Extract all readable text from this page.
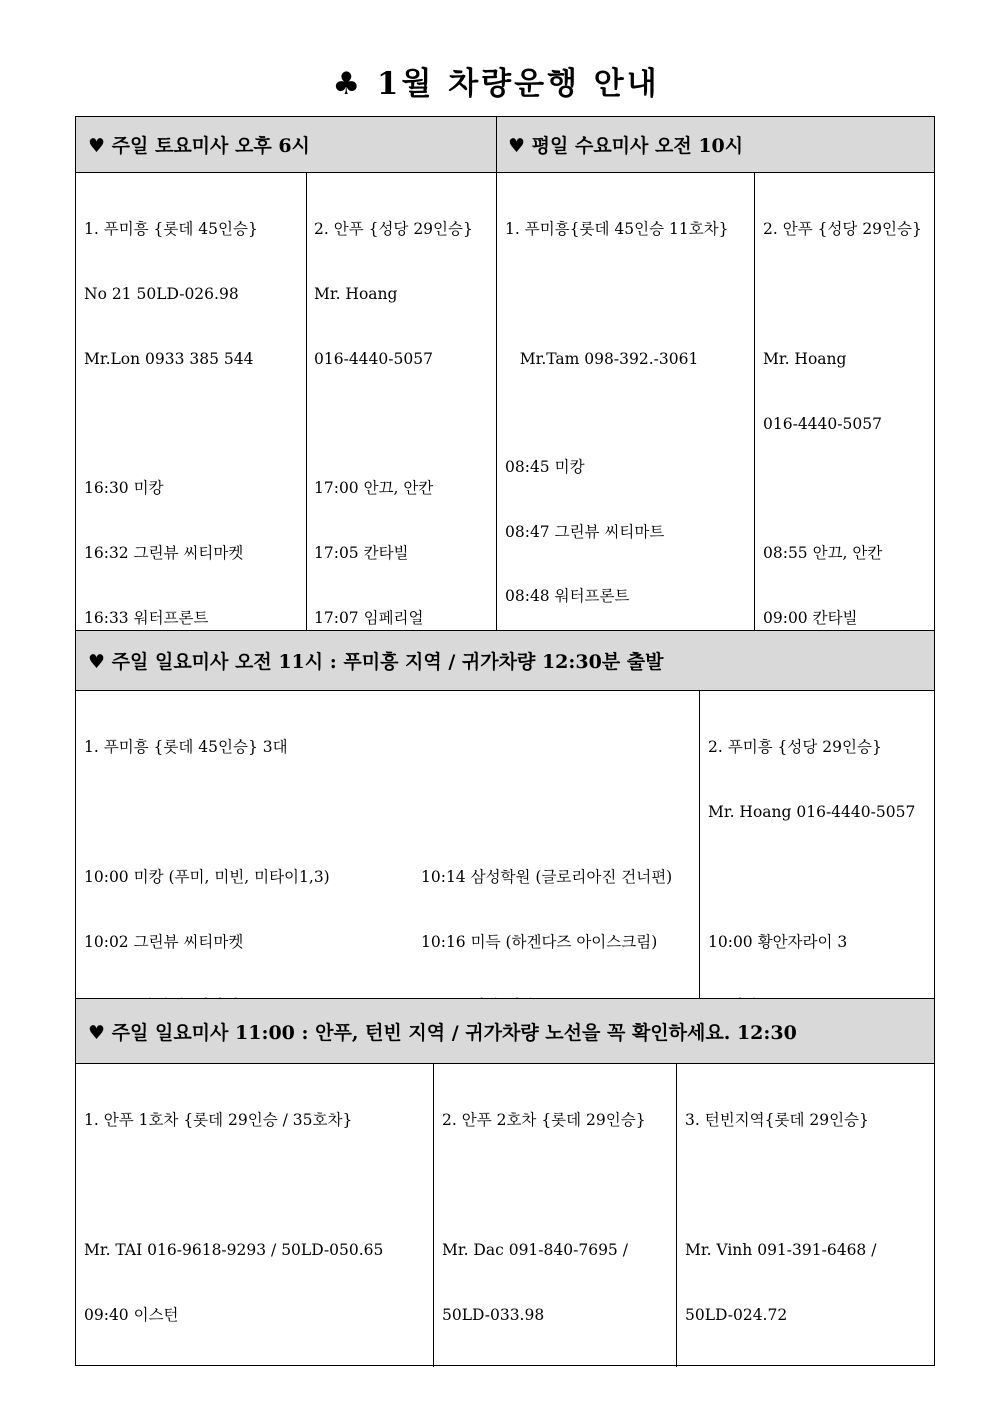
♣ 1월 차량운행 안내
♥ 주일 토요미사 오후 6시	♥ 평일 수요미사 오전 10시

1. 푸미흥 {롯데 45인승}

No 21 50LD-026.98

Mr.Lon 0933 385 544

16:30 미캉

16:32 그린뷰 씨티마켓

16:33 워터프론트

2. 안푸 {성당 29인승}

Mr. Hoang

016-4440-5057

17:00 안끄, 안칸

17:05 칸타빌

17:07 임페리얼

1. 푸미흥{롯데 45인승 11호차}

Mr.Tam 098-392.-3061

08:45 미캉

08:47 그린뷰 씨티마트

08:48 워터프론트

2. 안푸 {성당 29인승}

Mr. Hoang

016-4440-5057

08:55 안끄, 안칸

09:00 칸타빌

♥ 주일 일요미사 오전 11시 : 푸미흥 지역 / 귀가차량 12:30분 출발

1. 푸미흥 {롯데 45인승} 3대

10:00 미캉 (푸미, 미빈, 미타이1,3)

10:02 그린뷰 씨티마켓

10:14 삼성학원 (글로리아진 건너편)

10:16 미득 (하겐다즈 아이스크림)

2. 푸미흥 {성당 29인승}

Mr. Hoang 016-4440-5057

10:00 황안자라이 3

♥ 주일 일요미사 11:00 : 안푸, 턴빈 지역 / 귀가차량 노선을 꼭 확인하세요. 12:30

1. 안푸 1호차 {롯데 29인승 / 35호차}

Mr. TAI 016-9618-9293 / 50LD-050.65

09:40 이스턴

2. 안푸 2호차 {롯데 29인승}

Mr. Dac 091-840-7695 /

50LD-033.98

3. 턴빈지역{롯데 29인승}

Mr. Vinh 091-391-6468 /

50LD-024.72
